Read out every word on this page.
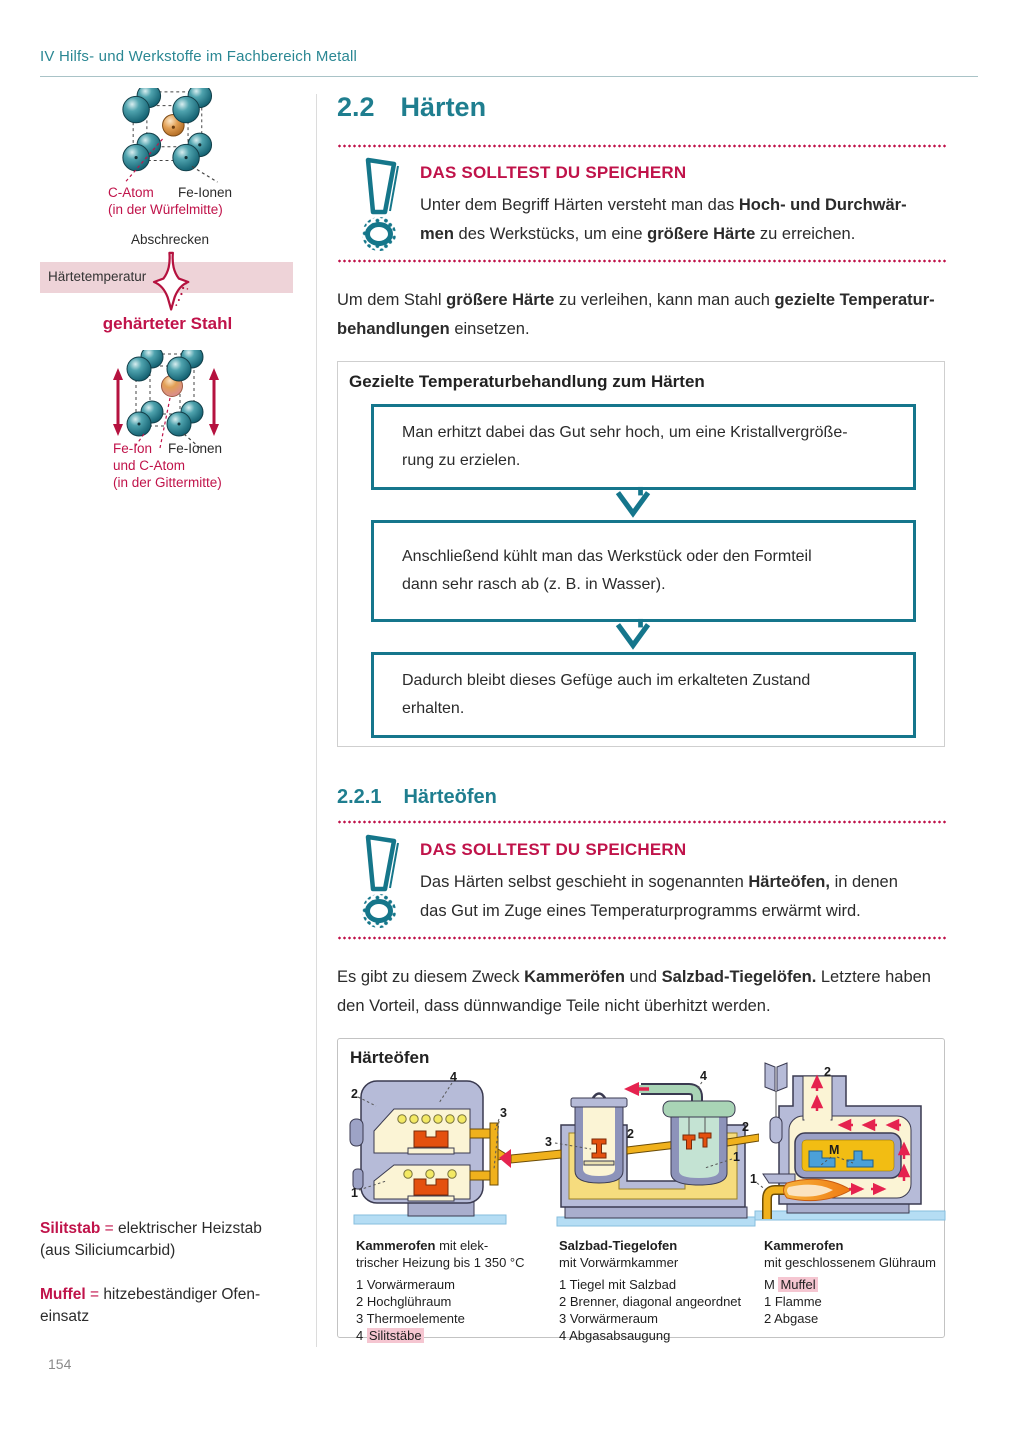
IV Hilfs- und Werkstoffe im Fachbereich Metall
C-Atom Fe-Ionen
(in der Würfelmitte)
Abschrecken
Härtetemperatur
gehärteter Stahl
Fe-Ion Fe-Ionen
und C-Atom
(in der Gittermitte)
Silitstab = elektrischer Heizstab
(aus Siliciumcarbid)
Muffel = hitzebeständiger Ofen-
einsatz
154
2.2 Härten
DAS SOLLTEST DU SPEICHERN
Unter dem Begriff Härten versteht man das Hoch- und Durchwär-
men des Werkstücks, um eine größere Härte zu erreichen.
Um dem Stahl größere Härte zu verleihen, kann man auch gezielte Temperatur-
behandlungen einsetzen.
Gezielte Temperaturbehandlung zum Härten
Man erhitzt dabei das Gut sehr hoch, um eine Kristallvergröße-
rung zu erzielen.
Anschließend kühlt man das Werkstück oder den Formteil
dann sehr rasch ab (z. B. in Wasser).
Dadurch bleibt dieses Gefüge auch im erkalteten Zustand
erhalten.
2.2.1 Härteöfen
DAS SOLLTEST DU SPEICHERN
Das Härten selbst geschieht in sogenannten Härteöfen, in denen
das Gut im Zuge eines Temperaturprogramms erwärmt wird.
Es gibt zu diesem Zweck Kammeröfen und Salzbad-Tiegelöfen. Letztere haben
den Vorteil, dass dünnwandige Teile nicht überhitzt werden.
Härteöfen
2
4
3
1
4
3
2	2
1
2
M
1
Kammerofen mit elek-
trischer Heizung bis 1 350 °C
1 Vorwärmeraum
2 Hochglühraum
3 Thermoelemente
4 Silitstäbe
Salzbad-Tiegelofen
mit Vorwärmkammer
1 Tiegel mit Salzbad
2 Brenner, diagonal angeordnet
3 Vorwärmeraum
4 Abgasabsaugung
Kammerofen
mit geschlossenem Glühraum
M Muffel
1 Flamme
2 Abgase
